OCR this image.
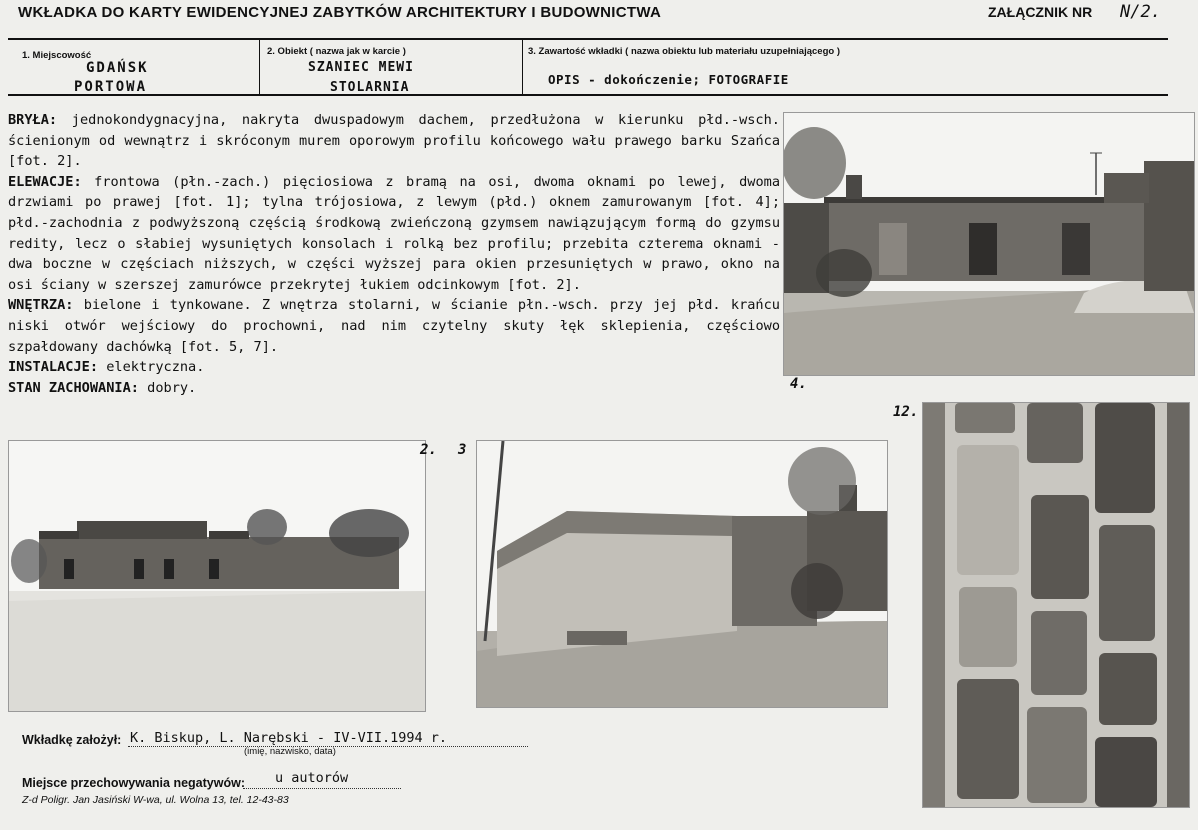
WKŁADKA DO KARTY EWIDENCYJNEJ ZABYTKÓW ARCHITEKTURY I BUDOWNICTWA	ZAŁĄCZNIK NR N/2.
1. Miejscowość
GDAŃSK
PORTOWA
2. Obiekt ( nazwa jak w karcie )
SZANIEC MEWI
STOLARNIA
3. Zawartość wkładki ( nazwa obiektu lub materiału uzupełniającego )
OPIS - dokończenie; FOTOGRAFIE

BRYŁA: jednokondygnacyjna, nakryta dwuspadowym dachem, przedłużona w kierunku płd.-wsch. ścienionym od wewnątrz i skróconym murem oporowym profilu końcowego wału prawego barku Szańca [fot. 2].

ELEWACJE: frontowa (płn.-zach.) pięciosiowa z bramą na osi, dwoma oknami po lewej, dwoma drzwiami po prawej [fot. 1]; tylna trójosiowa, z lewym (płd.) oknem zamurowanym [fot. 4]; płd.-zachodnia z podwyższoną częścią środkową zwieńczoną gzymsem nawiązującym formą do gzymsu redity, lecz o słabiej wysuniętych konsolach i rolką bez profilu; przebita czterema oknami - dwa boczne w częściach niższych, w części wyższej para okien przesuniętych w prawo, okno na osi ściany w szerszej zamurówce przekrytej łukiem odcinkowym [fot. 2].

WNĘTRZA: bielone i tynkowane. Z wnętrza stolarni, w ścianie płn.-wsch. przy jej płd. krańcu niski otwór wejściowy do prochowni, nad nim czytelny skuty łęk sklepienia, częściowo szpałdowany dachówką [fot. 5, 7].

INSTALACJE: elektryczna.

STAN ZACHOWANIA: dobry.	4.
2. 3
12.
Wkładkę założył: K. Biskup, L. Narębski - IV-VII.1994 r.
(imię, nazwisko, data)
Miejsce przechowywania negatywów: u autorów
Z-d Poligr. Jan Jasiński W-wa, ul. Wolna 13, tel. 12-43-83
